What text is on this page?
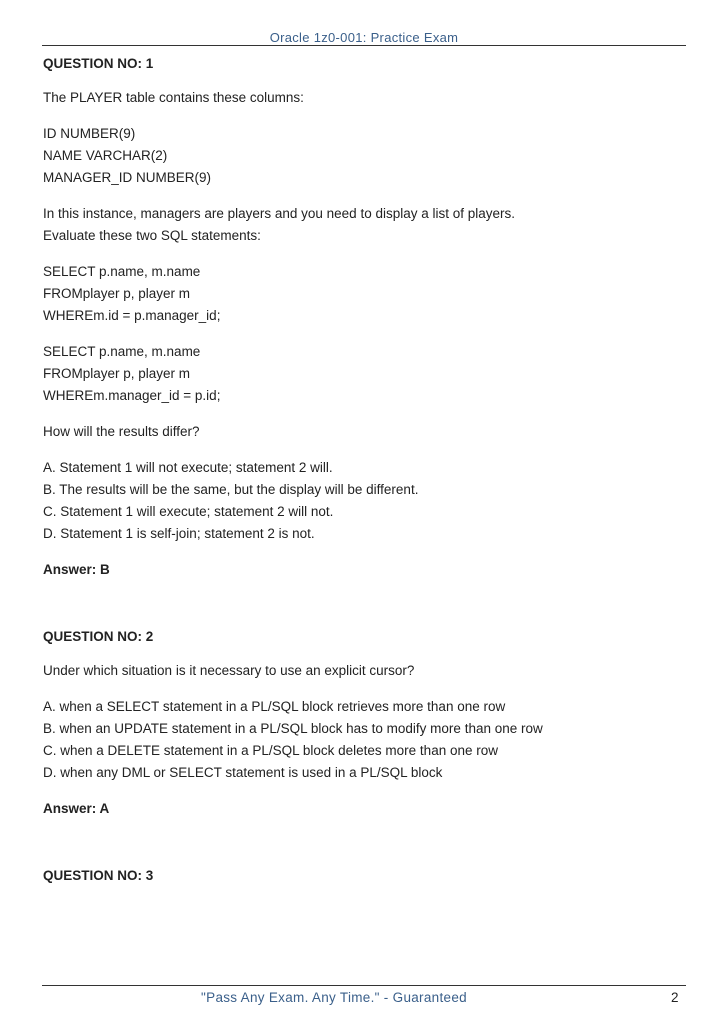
Oracle 1z0-001: Practice Exam
QUESTION NO: 1

The PLAYER table contains these columns:

ID NUMBER(9)
NAME VARCHAR(2)
MANAGER_ID NUMBER(9)

In this instance, managers are players and you need to display a list of players.
Evaluate these two SQL statements:

SELECT p.name, m.name
FROMplayer p, player m
WHEREm.id = p.manager_id;

SELECT p.name, m.name
FROMplayer p, player m
WHEREm.manager_id = p.id;

How will the results differ?

A. Statement 1 will not execute; statement 2 will.
B. The results will be the same, but the display will be different.
C. Statement 1 will execute; statement 2 will not.
D. Statement 1 is self-join; statement 2 is not.

Answer: B

QUESTION NO: 2

Under which situation is it necessary to use an explicit cursor?

A. when a SELECT statement in a PL/SQL block retrieves more than one row
B. when an UPDATE statement in a PL/SQL block has to modify more than one row
C. when a DELETE statement in a PL/SQL block deletes more than one row
D. when any DML or SELECT statement is used in a PL/SQL block

Answer: A

QUESTION NO: 3
"Pass Any Exam. Any Time." - Guaranteed	2
